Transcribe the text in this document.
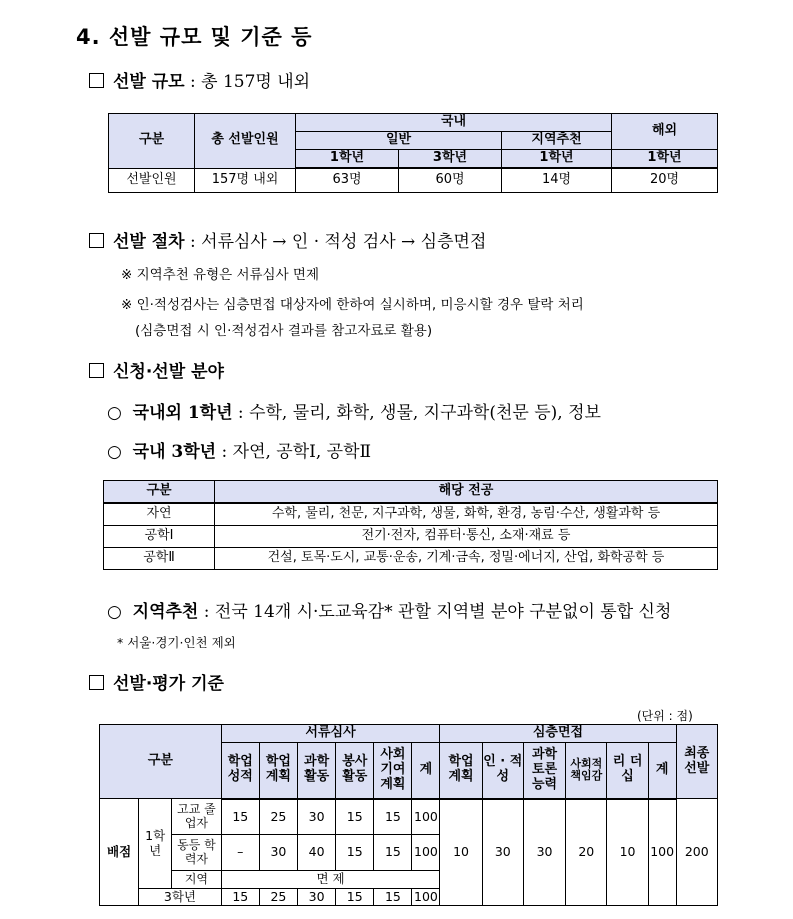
4. 선발 규모 및 기준 등
선발 규모 : 총 157명 내외
구분	총 선발인원	국내			해외
		일반		지역추천	
		1학년	3학년	1학년	1학년
선발인원	157명 내외	63명	60명	14명	20명
선발 절차 : 서류심사 → 인 · 적성 검사 → 심층면접
※ 지역추천 유형은 서류심사 면제
※ 인·적성검사는 심층면접 대상자에 한하여 실시하며, 미응시할 경우 탈락 처리
(심층면접 시 인·적성검사 결과를 참고자료로 활용)
신청·선발 분야
○ 국내외 1학년 : 수학, 물리, 화학, 생물, 지구과학(천문 등), 정보
○ 국내 3학년 : 자연, 공학Ⅰ, 공학Ⅱ
구분	해당 전공
자연	수학, 물리, 천문, 지구과학, 생물, 화학, 환경, 농림·수산, 생활과학 등
공학Ⅰ	전기·전자, 컴퓨터·통신, 소재·재료 등
공학Ⅱ	건설, 토목·도시, 교통·운송, 기계·금속, 정밀·에너지, 산업, 화학공학 등
○ 지역추천 : 전국 14개 시·도교육감* 관할 지역별 분야 구분없이 통합 신청
* 서울·경기·인천 제외
선발·평가 기준
(단위 : 점)
구분			서류심사						심층면접						최종 선발
			학업 성적	학업 계획	과학 활동	봉사 활동	사회 기여 계획	계	학업 계획	인 · 적성	과학 토론 능력	사회적 책임감	리 더 십	계	
배점	1학년	고교 졸업자	15	25	30	15	15	100	10	30	30	20	10	100	200
		동등 학력자	–	30	40	15	15	100							
		지역	면 제												
	3학년		15	25	30	15	15	100							
